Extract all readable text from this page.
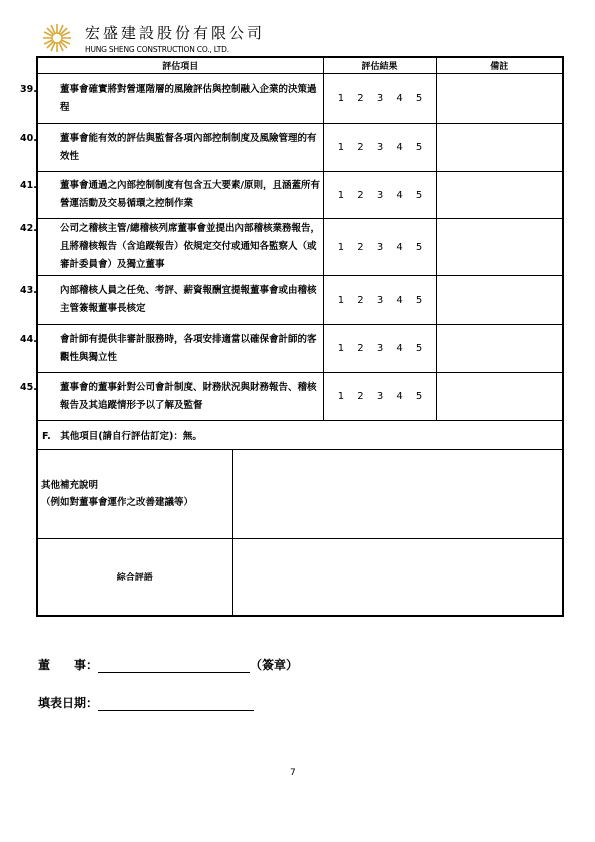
宏盛建設股份有限公司
HUNG SHENG CONSTRUCTION CO., LTD.
評估項目	評估結果	備註

39. 董事會確實將對營運階層的風險評估與控制融入企業的決策過程	1 2 3 4 5	

40. 董事會能有效的評估與監督各項內部控制制度及風險管理的有效性	1 2 3 4 5	

41. 董事會通過之內部控制制度有包含五大要素/原則，且涵蓋所有營運活動及交易循環之控制作業	1 2 3 4 5	

42. 公司之稽核主管/總稽核列席董事會並提出內部稽核業務報告，且將稽核報告（含追蹤報告）依規定交付或通知各監察人（或審計委員會）及獨立董事	1 2 3 4 5	

43. 內部稽核人員之任免、考評、薪資報酬宜提報董事會或由稽核主管簽報董事長核定	1 2 3 4 5	

44. 會計師有提供非審計服務時，各項安排適當以確保會計師的客觀性與獨立性	1 2 3 4 5	

45. 董事會的董事針對公司會計制度、財務狀況與財務報告、稽核報告及其追蹤情形予以了解及監督	1 2 3 4 5	
F.　其他項目(請自行評估訂定)：無。		
其他補充說明
（例如對董事會運作之改善建議等）	

綜合評語	
董　　事：	（簽章）
填表日期：
7
